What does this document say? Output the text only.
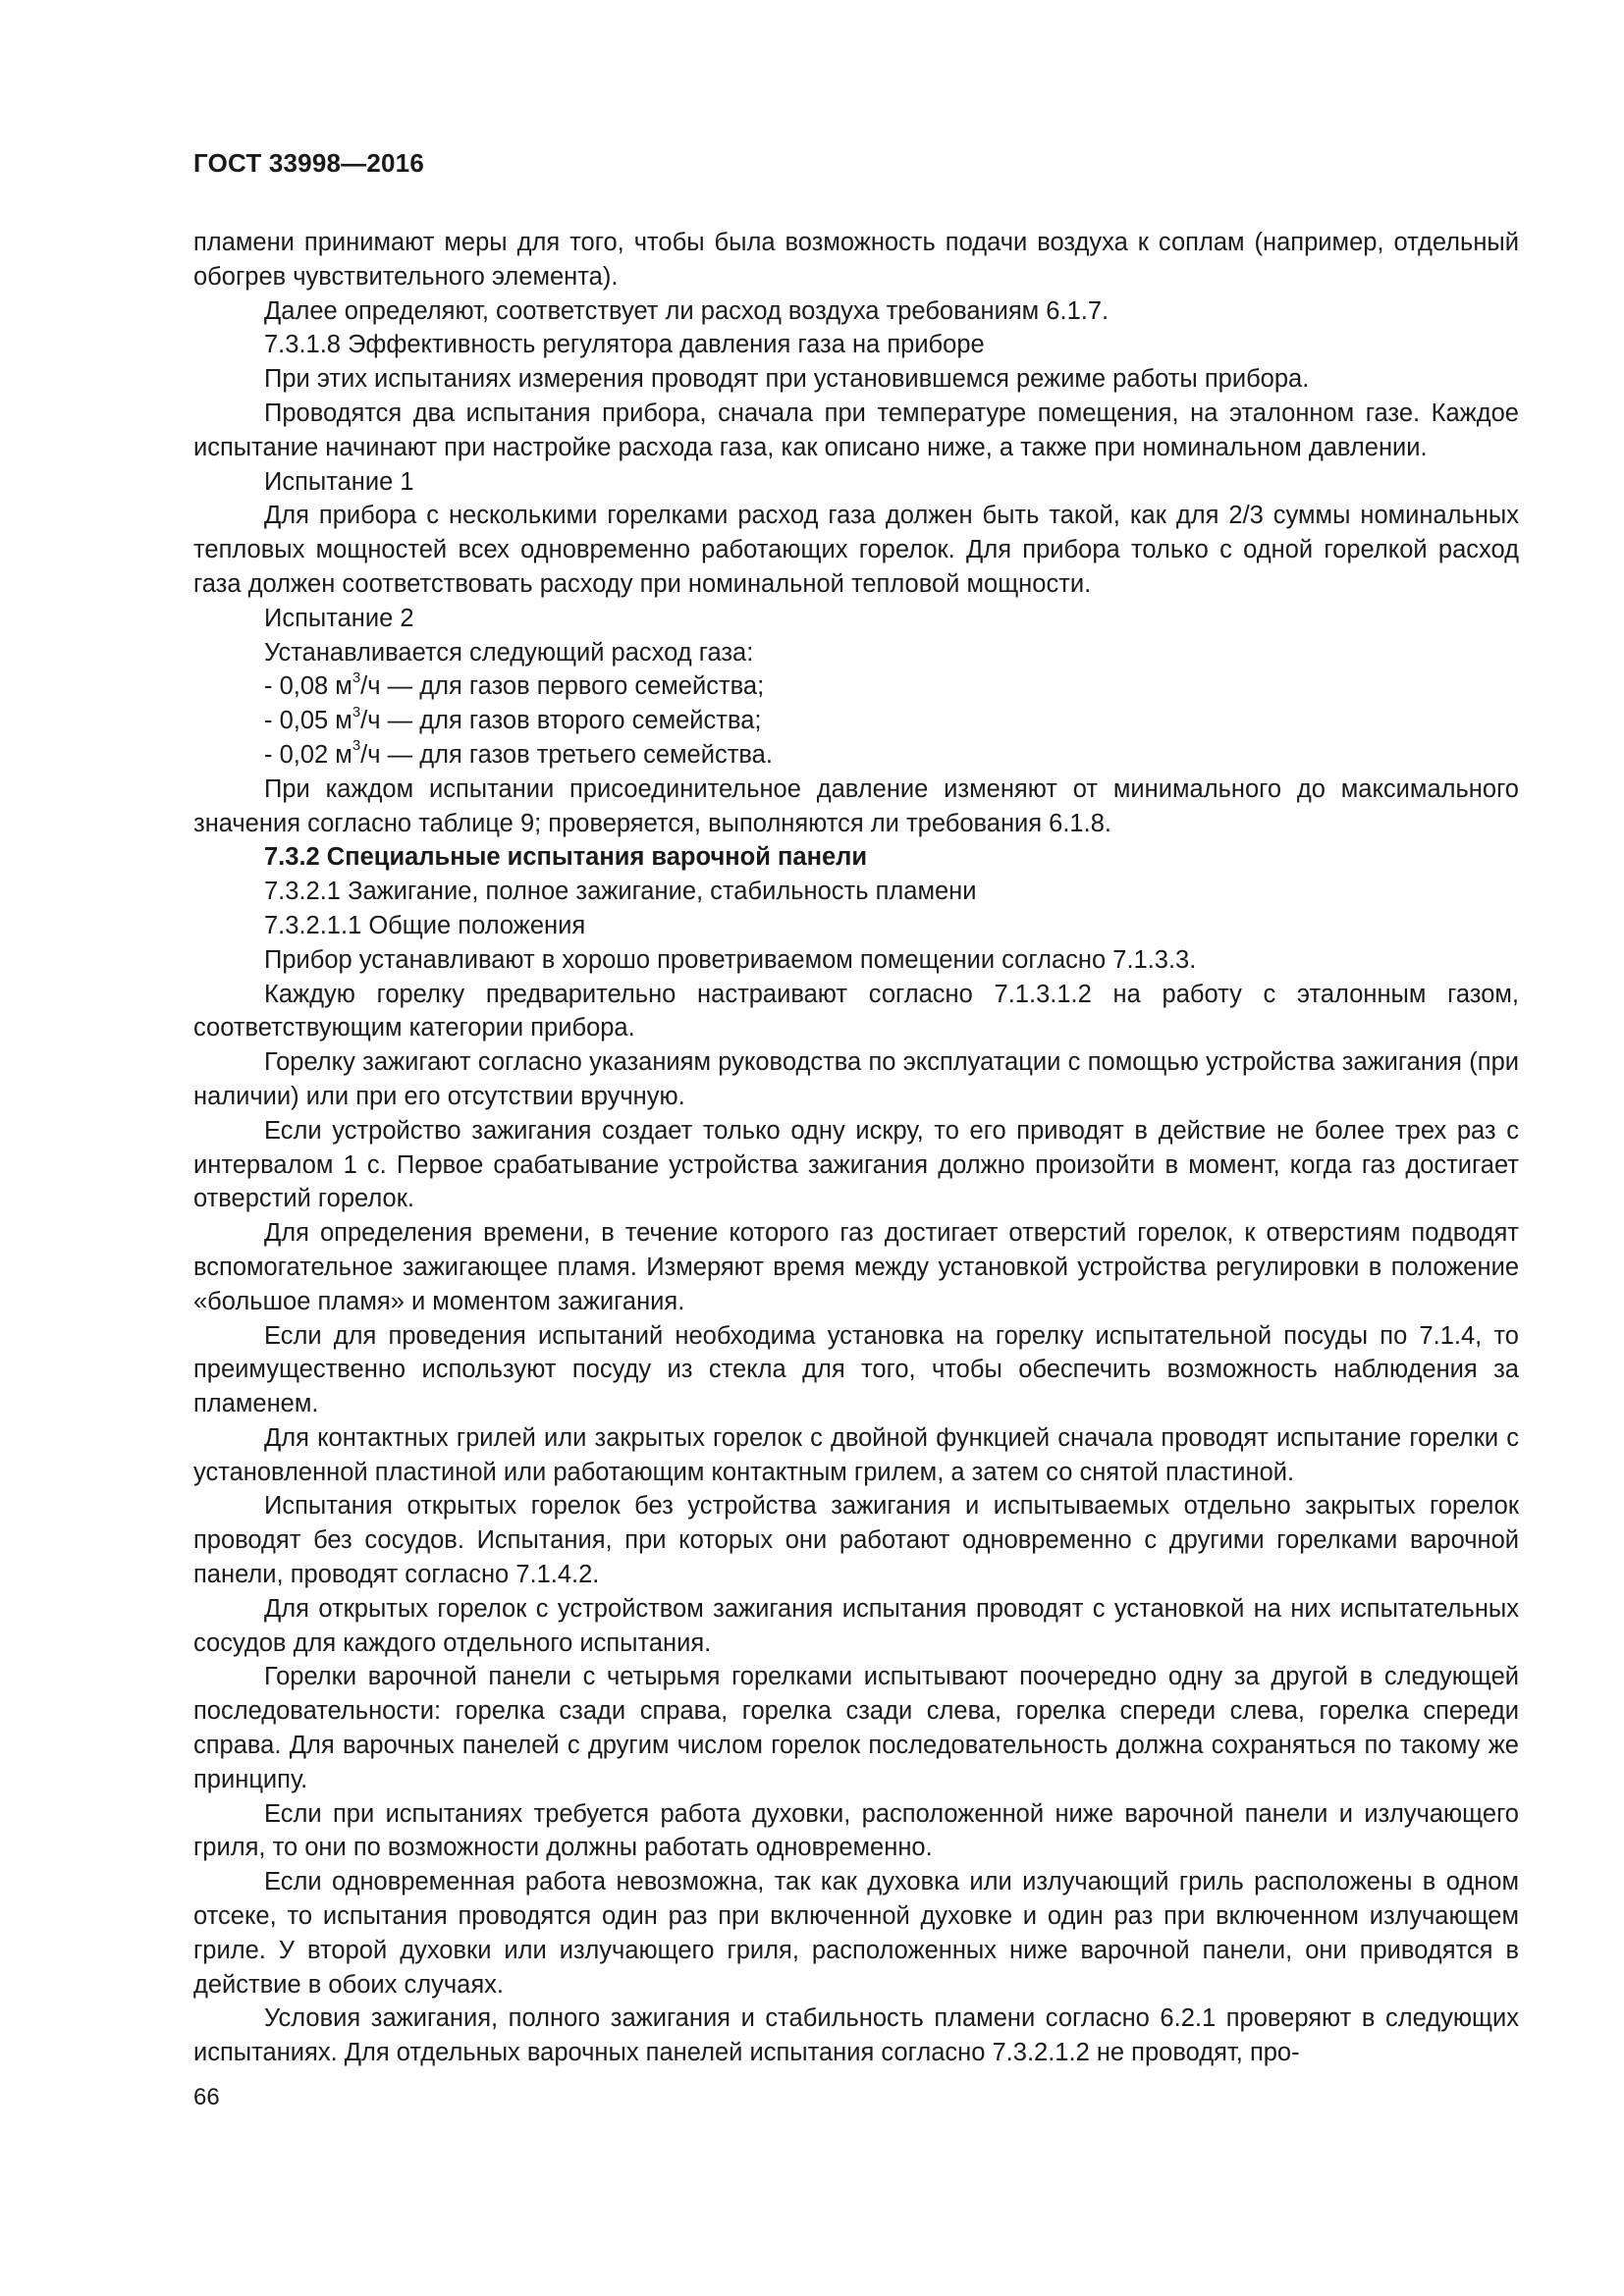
ГОСТ 33998—2016

пламени принимают меры для того, чтобы была возможность подачи воздуха к соплам (например, отдельный обогрев чувствительного элемента).

Далее определяют, соответствует ли расход воздуха требованиям 6.1.7.

7.3.1.8 Эффективность регулятора давления газа на приборе

При этих испытаниях измерения проводят при установившемся режиме работы прибора.

Проводятся два испытания прибора, сначала при температуре помещения, на эталонном газе. Каждое испытание начинают при настройке расхода газа, как описано ниже, а также при номинальном давлении.

Испытание 1

Для прибора с несколькими горелками расход газа должен быть такой, как для 2/3 суммы номинальных тепловых мощностей всех одновременно работающих горелок. Для прибора только с одной горелкой расход газа должен соответствовать расходу при номинальной тепловой мощности.

Испытание 2

Устанавливается следующий расход газа:

- 0,08 $м^3/ч$ — для газов первого семейства;

- 0,05 $м^3/ч$ — для газов второго семейства;

- 0,02 $м^3/ч$ — для газов третьего семейства.

При каждом испытании присоединительное давление изменяют от минимального до максимального значения согласно таблице 9; проверяется, выполняются ли требования 6.1.8.

7.3.2 Специальные испытания варочной панели

7.3.2.1 Зажигание, полное зажигание, стабильность пламени

7.3.2.1.1 Общие положения

Прибор устанавливают в хорошо проветриваемом помещении согласно 7.1.3.3.

Каждую горелку предварительно настраивают согласно 7.1.3.1.2 на работу с эталонным газом, соответствующим категории прибора.

Горелку зажигают согласно указаниям руководства по эксплуатации с помощью устройства зажигания (при наличии) или при его отсутствии вручную.

Если устройство зажигания создает только одну искру, то его приводят в действие не более трех раз с интервалом 1 с. Первое срабатывание устройства зажигания должно произойти в момент, когда газ достигает отверстий горелок.

Для определения времени, в течение которого газ достигает отверстий горелок, к отверстиям подводят вспомогательное зажигающее пламя. Измеряют время между установкой устройства регулировки в положение «большое пламя» и моментом зажигания.

Если для проведения испытаний необходима установка на горелку испытательной посуды по 7.1.4, то преимущественно используют посуду из стекла для того, чтобы обеспечить возможность наблюдения за пламенем.

Для контактных грилей или закрытых горелок с двойной функцией сначала проводят испытание горелки с установленной пластиной или работающим контактным грилем, а затем со снятой пластиной.

Испытания открытых горелок без устройства зажигания и испытываемых отдельно закрытых горелок проводят без сосудов. Испытания, при которых они работают одновременно с другими горелками варочной панели, проводят согласно 7.1.4.2.

Для открытых горелок с устройством зажигания испытания проводят с установкой на них испытательных сосудов для каждого отдельного испытания.

Горелки варочной панели с четырьмя горелками испытывают поочередно одну за другой в следующей последовательности: горелка сзади справа, горелка сзади слева, горелка спереди слева, горелка спереди справа. Для варочных панелей с другим числом горелок последовательность должна сохраняться по такому же принципу.

Если при испытаниях требуется работа духовки, расположенной ниже варочной панели и излучающего гриля, то они по возможности должны работать одновременно.

Если одновременная работа невозможна, так как духовка или излучающий гриль расположены в одном отсеке, то испытания проводятся один раз при включенной духовке и один раз при включенном излучающем гриле. У второй духовки или излучающего гриля, расположенных ниже варочной панели, они приводятся в действие в обоих случаях.

Условия зажигания, полного зажигания и стабильность пламени согласно 6.2.1 проверяют в следующих испытаниях. Для отдельных варочных панелей испытания согласно 7.3.2.1.2 не проводят, про-

66
